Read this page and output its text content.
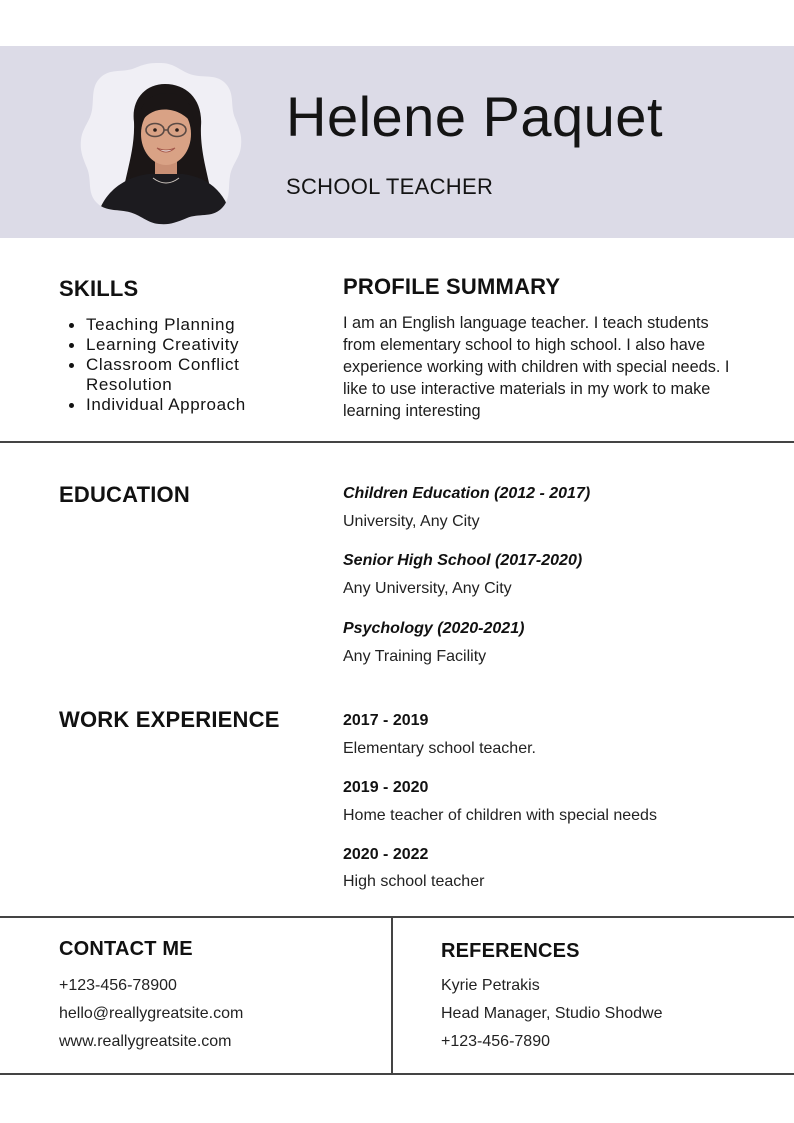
Helene Paquet
SCHOOL TEACHER
SKILLS
Teaching Planning
Learning Creativity
Classroom Conflict Resolution
Individual Approach
PROFILE SUMMARY

I am an English language teacher. I teach students from elementary school to high school. I also have experience working with children with special needs. I like to use interactive materials in my work to make learning interesting

EDUCATION	Children Education (2012 - 2017)
University, Any City
Senior High School (2017-2020)
Any University, Any City
Psychology (2020-2021)
Any Training Facility
WORK EXPERIENCE	2017 - 2019
Elementary school teacher.
2019 - 2020
Home teacher of children with special needs
2020 - 2022
High school teacher
CONTACT ME
+123-456-78900
hello@reallygreatsite.com
www.reallygreatsite.com
REFERENCES
Kyrie Petrakis
Head Manager, Studio Shodwe
+123-456-7890
